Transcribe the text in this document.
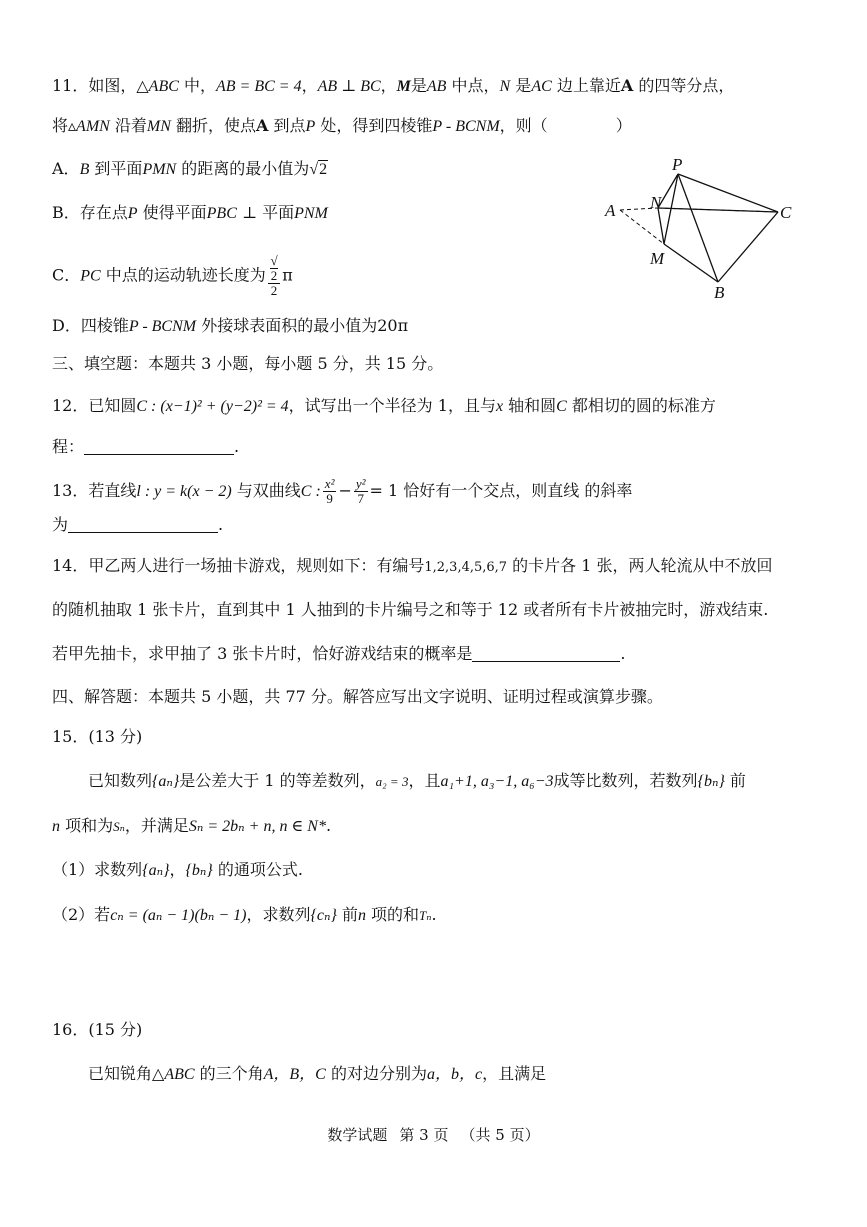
11．如图，△ABC 中，AB = BC = 4，AB ⊥ BC，M是AB 中点，N 是AC 边上靠近A 的四等分点，
将▵AMN 沿着MN 翻折，使点A 到点P 处，得到四棱锥P - BCNM，则（	）
A．B 到平面PMN 的距离的最小值为√2
B．存在点P 使得平面PBC ⊥ 平面PNM
C．PC 中点的运动轨迹长度为 √
2
2 π
D．四棱锥P - BCNM 外接球表面积的最小值为20π
P
N
A	C
M
B
三、填空题：本题共 3 小题，每小题 5 分，共 15 分。
12．已知圆C : (x−1)² + (y−2)² = 4，试写出一个半径为 1，且与x 轴和圆C 都相切的圆的标准方
程：	.
13．若直线l : y = k(x − 2) 与双曲线C : $\frac{\text{x²}}{9} - \frac{\text{y²}}{7} = 1$ 恰好有一个交点，则直线 的斜率
为	.
14．甲乙两人进行一场抽卡游戏，规则如下：有编号1,2,3,4,5,6,7 的卡片各 1 张，两人轮流从中不放回
的随机抽取 1 张卡片，直到其中 1 人抽到的卡片编号之和等于 12 或者所有卡片被抽完时，游戏结束.
若甲先抽卡，求甲抽了 3 张卡片时，恰好游戏结束的概率是	.
四、解答题：本题共 5 小题，共 77 分。解答应写出文字说明、证明过程或演算步骤。
15．(13 分)
已知数列{aₙ}是公差大于 1 的等差数列，a₂ = 3，且a₁+1, a₃−1, a₆−3成等比数列，若数列{bₙ} 前
n 项和为Sₙ，并满足Sₙ = 2bₙ + n, n ∈ N*.
（1）求数列{aₙ}，{bₙ} 的通项公式.
（2）若cₙ = (aₙ − 1)(bₙ − 1)，求数列{cₙ} 前n 项的和Tₙ.
16．(15 分)
已知锐角△ABC 的三个角A，B，C 的对边分别为a，b，c，且满足
数学试题 第 3 页 （共 5 页）
